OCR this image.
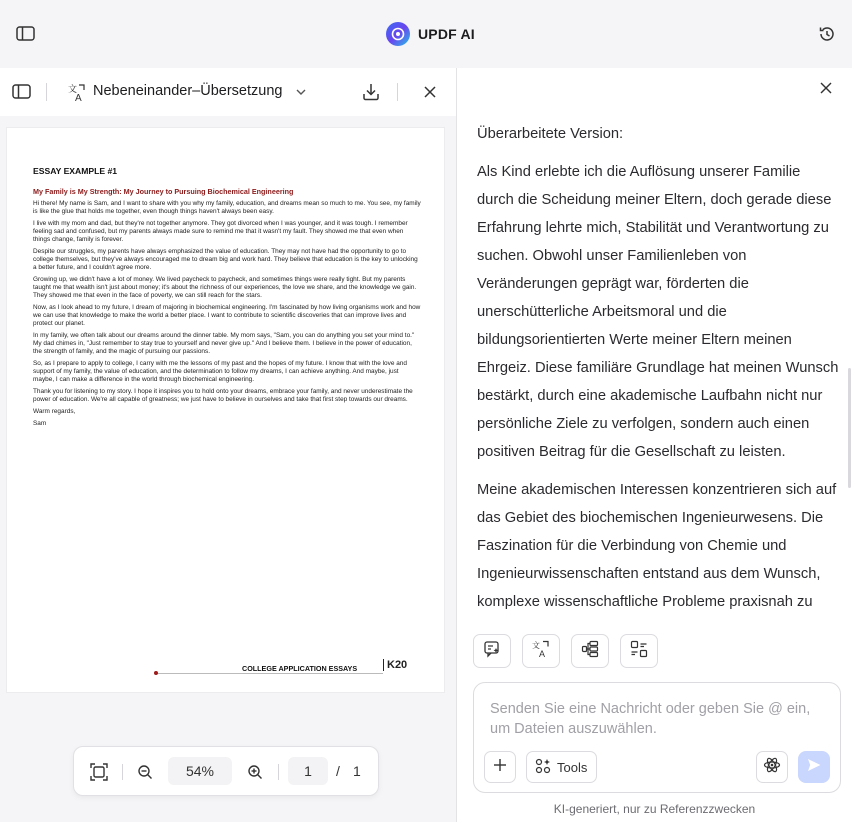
UPDF AI
文
A Nebeneinander–Übersetzung
ESSAY EXAMPLE #1
My Family is My Strength: My Journey to Pursuing Biochemical Engineering

Hi there! My name is Sam, and I want to share with you why my family, education, and dreams mean so much to me. You see, my family is like the glue that holds me together, even though things haven't always been easy.

I live with my mom and dad, but they're not together anymore. They got divorced when I was younger, and it was tough. I remember feeling sad and confused, but my parents always made sure to remind me that it wasn't my fault. They showed me that even when things change, family is forever.

Despite our struggles, my parents have always emphasized the value of education. They may not have had the opportunity to go to college themselves, but they've always encouraged me to dream big and work hard. They believe that education is the key to unlocking a better future, and I couldn't agree more.

Growing up, we didn't have a lot of money. We lived paycheck to paycheck, and sometimes things were really tight. But my parents taught me that wealth isn't just about money; it's about the richness of our experiences, the love we share, and the knowledge we gain. They showed me that even in the face of poverty, we can still reach for the stars.

Now, as I look ahead to my future, I dream of majoring in biochemical engineering. I'm fascinated by how living organisms work and how we can use that knowledge to make the world a better place. I want to contribute to scientific discoveries that can improve lives and protect our planet.

In my family, we often talk about our dreams around the dinner table. My mom says, "Sam, you can do anything you set your mind to." My dad chimes in, "Just remember to stay true to yourself and never give up." And I believe them. I believe in the power of education, the strength of family, and the magic of pursuing our passions.

So, as I prepare to apply to college, I carry with me the lessons of my past and the hopes of my future. I know that with the love and support of my family, the value of education, and the determination to follow my dreams, I can achieve anything. And maybe, just maybe, I can make a difference in the world through biochemical engineering.

Thank you for listening to my story. I hope it inspires you to hold onto your dreams, embrace your family, and never underestimate the power of education. We're all capable of greatness; we just have to believe in ourselves and take that first step towards our dreams.

Warm regards,

Sam

COLLEGE APPLICATION ESSAYS	K20
54%	1	/ 1

Überarbeitete Version:

Als Kind erlebte ich die Auflösung unserer Familie durch die Scheidung meiner Eltern, doch gerade diese Erfahrung lehrte mich, Stabilität und Verantwortung zu suchen. Obwohl unser Familienleben von Veränderungen geprägt war, förderten die unerschütterliche Arbeitsmoral und die bildungsorientierten Werte meiner Eltern meinen Ehrgeiz. Diese familiäre Grundlage hat meinen Wunsch bestärkt, durch eine akademische Laufbahn nicht nur persönliche Ziele zu verfolgen, sondern auch einen positiven Beitrag für die Gesellschaft zu leisten.

Meine akademischen Interessen konzentrieren sich auf das Gebiet des biochemischen Ingenieurwesens. Die Faszination für die Verbindung von Chemie und Ingenieurwissenschaften entstand aus dem Wunsch, komplexe wissenschaftliche Probleme praxisnah zu

文
A
Senden Sie eine Nachricht oder geben Sie @ ein, um Dateien auszuwählen.
Tools
KI-generiert, nur zu Referenzzwecken
